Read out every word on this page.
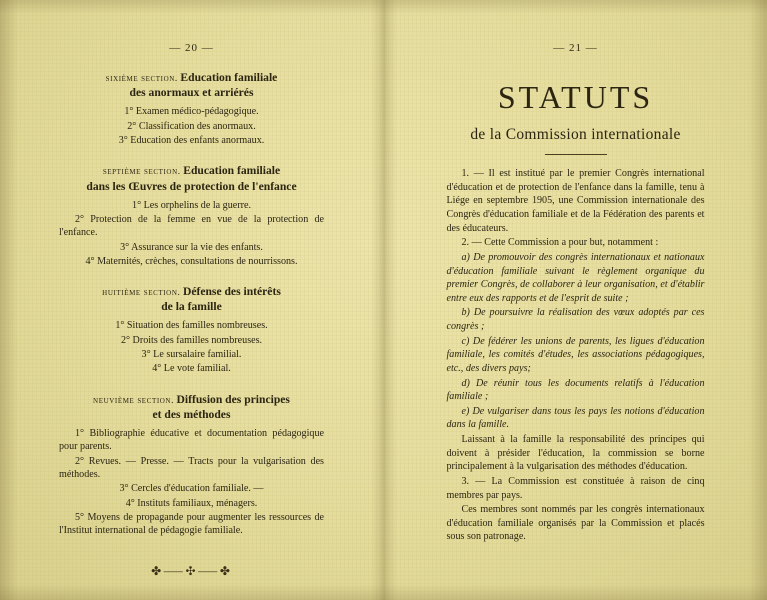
— 20 —
sixième section. Education familiale
des anormaux et arriérés
1° Examen médico-pédagogique.
2° Classification des anormaux.
3° Education des enfants anormaux.
septième section. Education familiale
dans les Œuvres de protection de l'enfance
1° Les orphelins de la guerre.
2° Protection de la femme en vue de la protection de l'enfance.
3° Assurance sur la vie des enfants.
4° Maternités, crèches, consultations de nourrissons.
huitième section. Défense des intérêts
de la famille
1° Situation des familles nombreuses.
2° Droits des familles nombreuses.
3° Le sursalaire familial.
4° Le vote familial.
neuvième section. Diffusion des principes
et des méthodes
1° Bibliographie éducative et documentation pédagogique pour parents.
2° Revues. — Presse. — Tracts pour la vulgarisation des méthodes.
3° Cercles d'éducation familiale. —
4° Instituts familiaux, ménagers.
5° Moyens de propagande pour augmenter les ressources de l'Institut international de pédagogie familiale.
✤⸺✣⸺✤
— 21 —
STATUTS
de la Commission internationale

1. — Il est institué par le premier Congrès international d'éducation et de protection de l'enfance dans la famille, tenu à Liége en septembre 1905, une Commission internationale des Congrès d'éducation familiale et de la Fédération des parents et des éducateurs.

2. — Cette Commission a pour but, notamment :

a) De promouvoir des congrès internationaux et nationaux d'éducation familiale suivant le règlement organique du premier Congrès, de collaborer à leur organisation, et d'établir entre eux des rapports et de l'esprit de suite ;

b) De poursuivre la réalisation des vœux adoptés par ces congrès ;

c) De fédérer les unions de parents, les ligues d'éducation familiale, les comités d'études, les associations pédagogiques, etc., des divers pays;

d) De réunir tous les documents relatifs à l'éducation familiale ;

e) De vulgariser dans tous les pays les notions d'éducation dans la famille.

Laissant à la famille la responsabilité des principes qui doivent à présider l'éducation, la commission se borne principalement à la vulgarisation des méthodes d'éducation.

3. — La Commission est constituée à raison de cinq membres par pays.

Ces membres sont nommés par les congrès internationaux d'éducation familiale organisés par la Commission et placés sous son patronage.
